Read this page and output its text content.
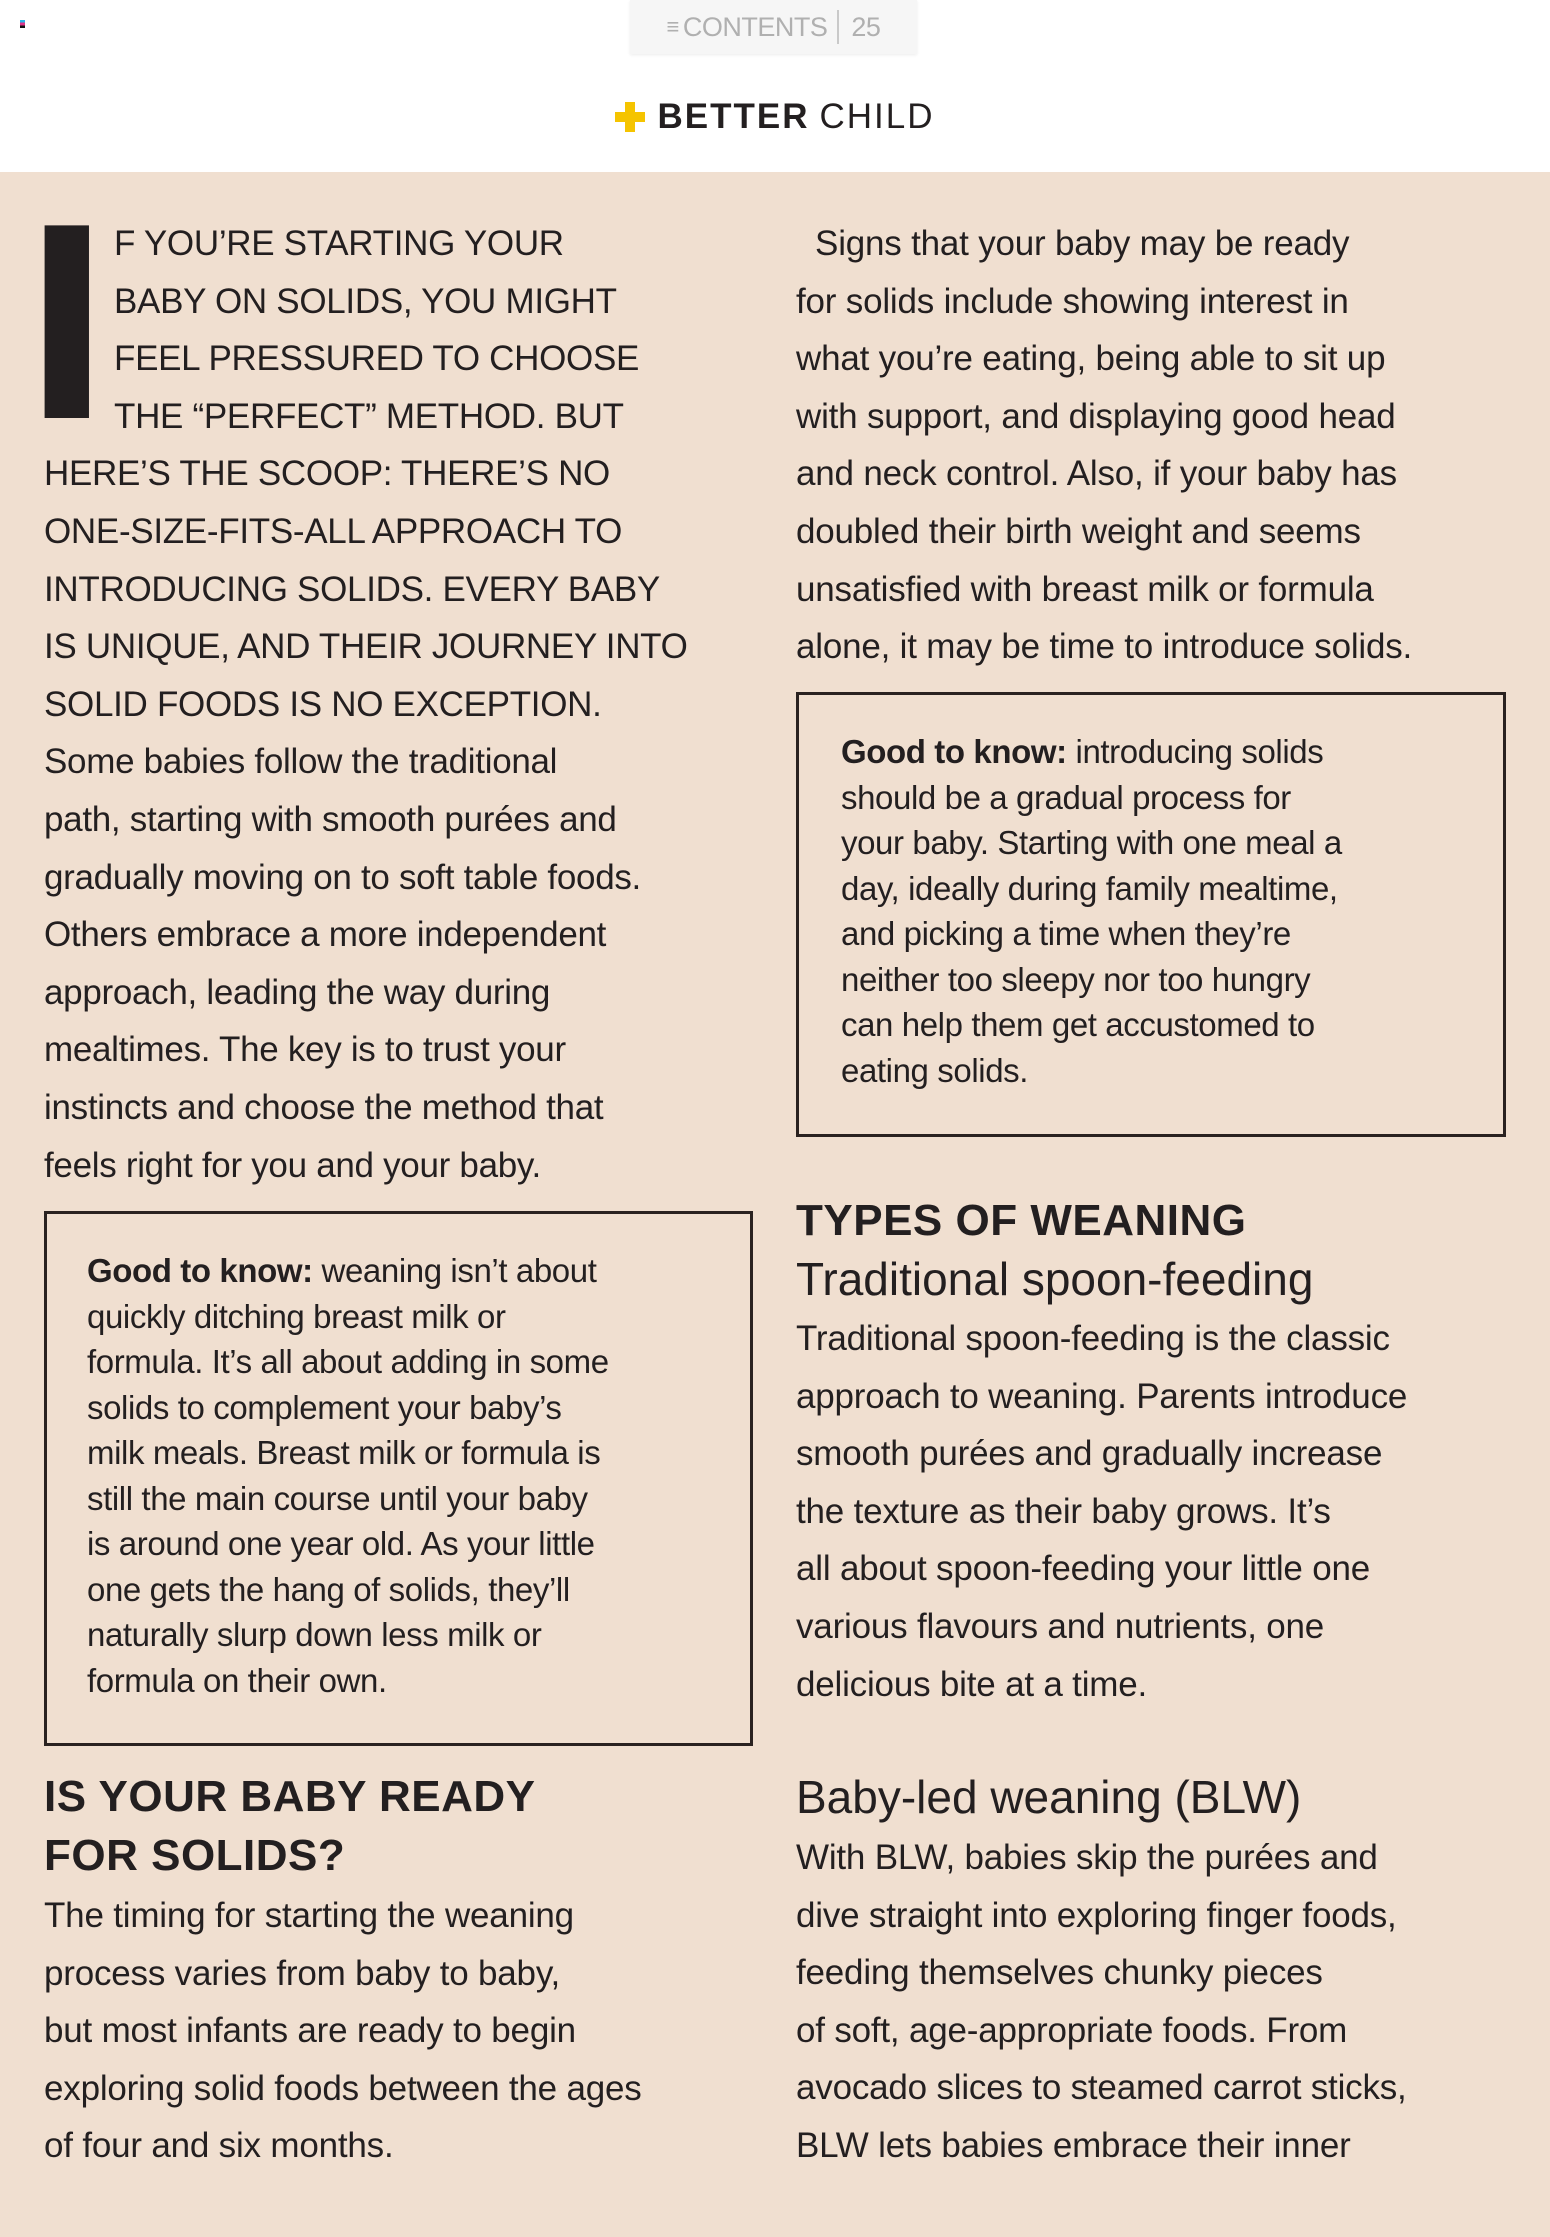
≡ CONTENTS 25
BETTER CHILD
I F YOU’RE STARTING YOUR
BABY ON SOLIDS, YOU MIGHT
FEEL PRESSURED TO CHOOSE
THE “PERFECT” METHOD. BUT
HERE’S THE SCOOP: THERE’S NO
ONE-SIZE-FITS-ALL APPROACH TO
INTRODUCING SOLIDS. EVERY BABY
IS UNIQUE, AND THEIR JOURNEY INTO
SOLID FOODS IS NO EXCEPTION.
Some babies follow the traditional
path, starting with smooth purées and
gradually moving on to soft table foods.
Others embrace a more independent
approach, leading the way during
mealtimes. The key is to trust your
instincts and choose the method that
feels right for you and your baby.
Good to know: weaning isn’t about
quickly ditching breast milk or
formula. It’s all about adding in some
solids to complement your baby’s
milk meals. Breast milk or formula is
still the main course until your baby
is around one year old. As your little
one gets the hang of solids, they’ll
naturally slurp down less milk or
formula on their own.
IS YOUR BABY READY
FOR SOLIDS?
The timing for starting the weaning
process varies from baby to baby,
but most infants are ready to begin
exploring solid foods between the ages
of four and six months.
Signs that your baby may be ready
for solids include showing interest in
what you’re eating, being able to sit up
with support, and displaying good head
and neck control. Also, if your baby has
doubled their birth weight and seems
unsatisfied with breast milk or formula
alone, it may be time to introduce solids.
Good to know: introducing solids
should be a gradual process for
your baby. Starting with one meal a
day, ideally during family mealtime,
and picking a time when they’re
neither too sleepy nor too hungry
can help them get accustomed to
eating solids.
TYPES OF WEANING
Traditional spoon-feeding
Traditional spoon-feeding is the classic
approach to weaning. Parents introduce
smooth purées and gradually increase
the texture as their baby grows. It’s
all about spoon-feeding your little one
various flavours and nutrients, one
delicious bite at a time.
Baby-led weaning (BLW)
With BLW, babies skip the purées and
dive straight into exploring finger foods,
feeding themselves chunky pieces
of soft, age-appropriate foods. From
avocado slices to steamed carrot sticks,
BLW lets babies embrace their inner
